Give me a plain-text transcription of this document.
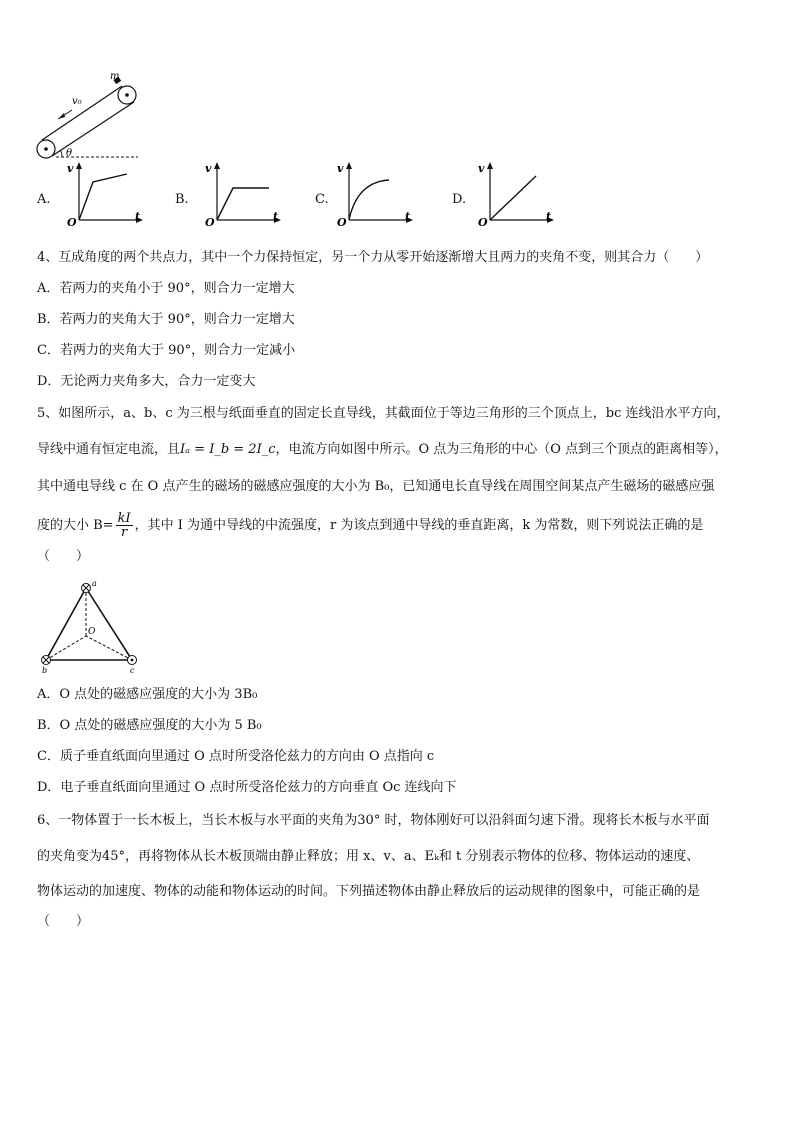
m
v₀
θ
A.
v
t
O
B.
v
t
O
C.
v
t
O
D.
v
t
O
4、互成角度的两个共点力，其中一个力保持恒定，另一个力从零开始逐渐增大且两力的夹角不变，则其合力（　　）
A．若两力的夹角小于 90°，则合力一定增大
B．若两力的夹角大于 90°，则合力一定增大
C．若两力的夹角大于 90°，则合力一定减小
D．无论两力夹角多大，合力一定变大
5、如图所示，a、b、c 为三根与纸面垂直的固定长直导线，其截面位于等边三角形的三个顶点上，bc 连线沿水平方向，
导线中通有恒定电流，且Iₐ = I_b = 2I_c，电流方向如图中所示。O 点为三角形的中心（O 点到三个顶点的距离相等），
其中通电导线 c 在 O 点产生的磁场的磁感应强度的大小为 B₀，已知通电长直导线在周围空间某点产生磁场的磁感应强
度的大小 $B= \frac{kI}{r}$ ，其中 I 为通中导线的中流强度，r 为该点到通中导线的垂直距离，k 为常数，则下列说法正确的是
（　　）
a
b	c
O
A．O 点处的磁感应强度的大小为 3B₀
B．O 点处的磁感应强度的大小为 5 B₀
C．质子垂直纸面向里通过 O 点时所受洛伦兹力的方向由 O 点指向 c
D．电子垂直纸面向里通过 O 点时所受洛伦兹力的方向垂直 Oc 连线向下
6、一物体置于一长木板上，当长木板与水平面的夹角为30° 时，物体刚好可以沿斜面匀速下滑。现将长木板与水平面
的夹角变为45°，再将物体从长木板顶端由静止释放；用 x、v、a、Eₖ和 t 分别表示物体的位移、物体运动的速度、
物体运动的加速度、物体的动能和物体运动的时间。下列描述物体由静止释放后的运动规律的图象中，可能正确的是
（　　）
